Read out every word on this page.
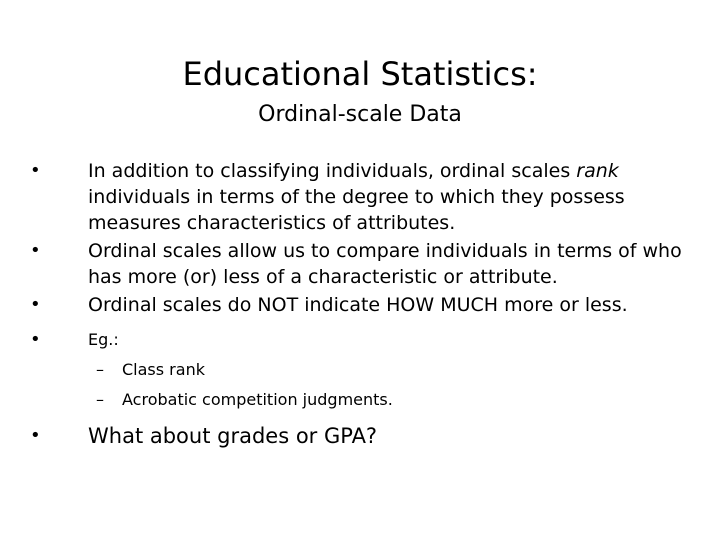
Educational Statistics:
Ordinal-scale Data
•	In addition to classifying individuals, ordinal scales rank individuals in terms of the degree to which they possess measures characteristics of attributes.
•	Ordinal scales allow us to compare individuals in terms of who has more (or) less of a characteristic or attribute.
•	Ordinal scales do NOT indicate HOW MUCH more or less.
•	Eg.:
– Class rank
– Acrobatic competition judgments.
•	What about grades or GPA?
